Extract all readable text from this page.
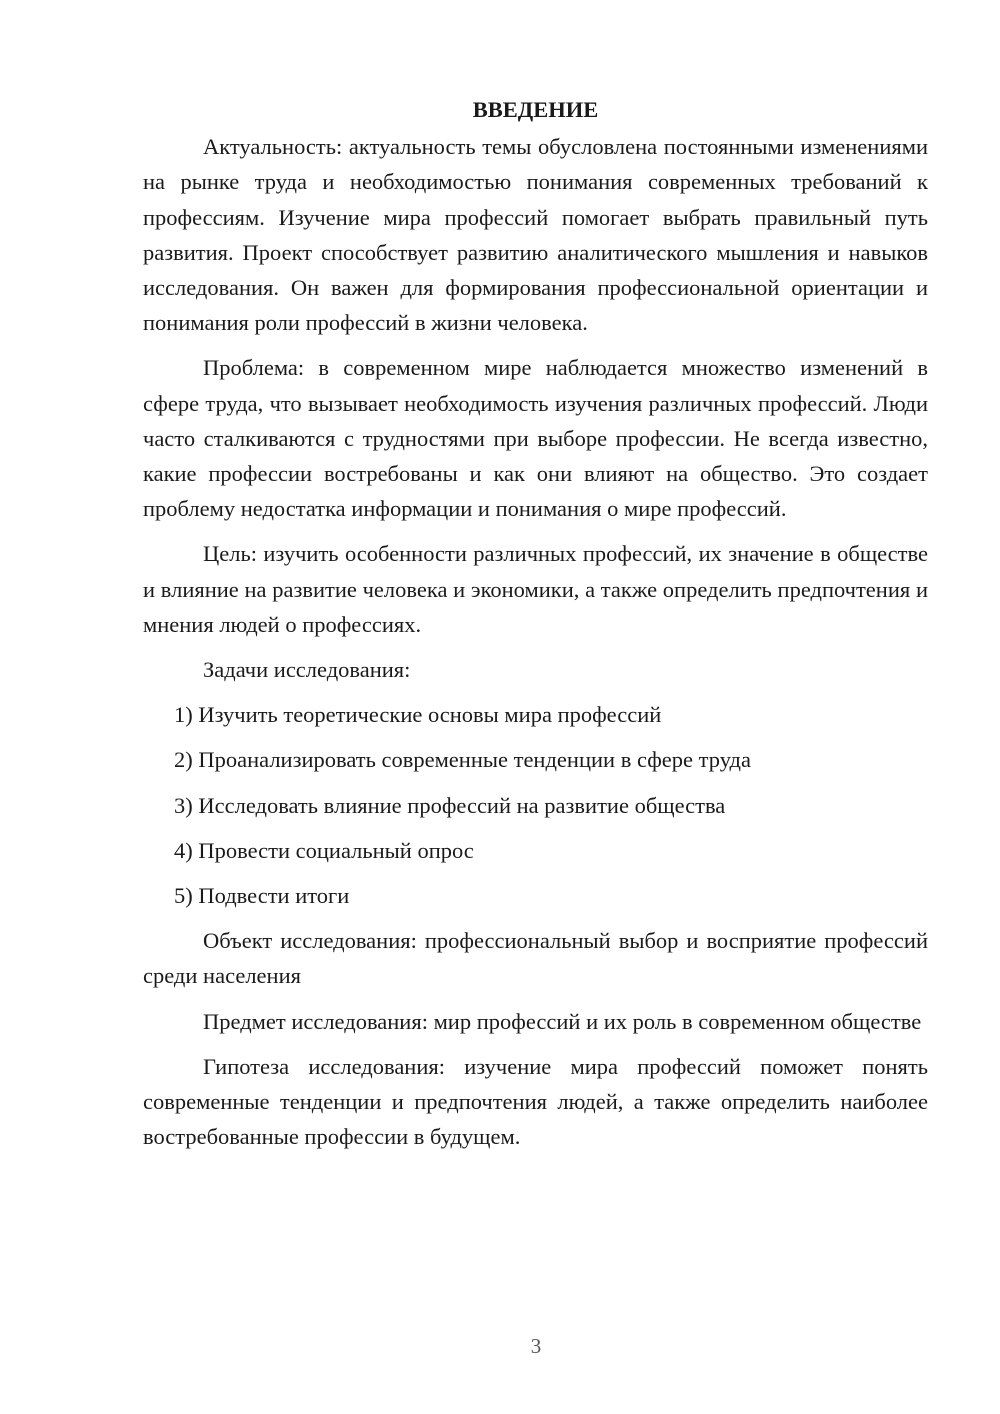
ВВЕДЕНИЕ

Актуальность: актуальность темы обусловлена постоянными изменениями на рынке труда и необходимостью понимания современных требований к профессиям. Изучение мира профессий помогает выбрать правильный путь развития. Проект способствует развитию аналитического мышления и навыков исследования. Он важен для формирования профессиональной ориентации и понимания роли профессий в жизни человека.

Проблема: в современном мире наблюдается множество изменений в сфере труда, что вызывает необходимость изучения различных профессий. Люди часто сталкиваются с трудностями при выборе профессии. Не всегда известно, какие профессии востребованы и как они влияют на общество. Это создает проблему недостатка информации и понимания о мире профессий.

Цель: изучить особенности различных профессий, их значение в обществе и влияние на развитие человека и экономики, а также определить предпочтения и мнения людей о профессиях.

Задачи исследования:

1) Изучить теоретические основы мира профессий
2) Проанализировать современные тенденции в сфере труда
3) Исследовать влияние профессий на развитие общества
4) Провести социальный опрос
5) Подвести итоги

Объект исследования: профессиональный выбор и восприятие профессий среди населения

Предмет исследования: мир профессий и их роль в современном обществе

Гипотеза исследования: изучение мира профессий поможет понять современные тенденции и предпочтения людей, а также определить наиболее востребованные профессии в будущем.

3
